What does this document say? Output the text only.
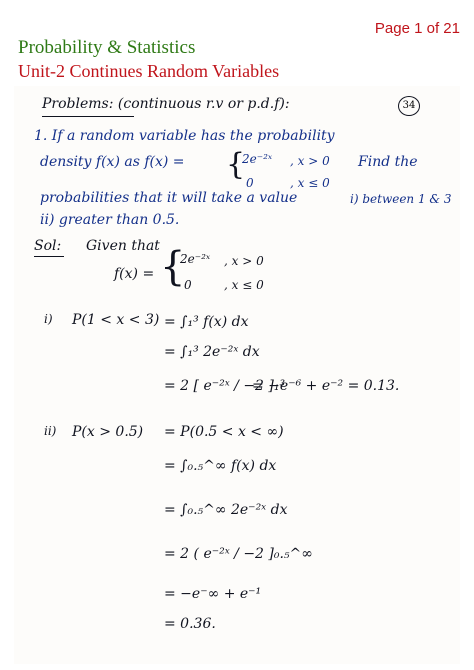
Page 1 of 21
Probability & Statistics
Unit-2 Continues Random Variables
34
Problems: (continuous r.v or p.d.f):
1. If a random variable has the probability
density f(x) as f(x) = {
2e⁻²ˣ , x > 0 Find the
0	, x ≤ 0
probabilities that it will take a value	i) between 1 & 3
ii) greater than 0.5.
Sol: Given that
f(x) = {
2e⁻²ˣ , x > 0
0	, x ≤ 0
i) P(1 < x < 3) = ∫₁³ f(x) dx
= ∫₁³ 2e⁻²ˣ dx
= 2 [ e⁻²ˣ / −2 ]₁³
= −e⁻⁶ + e⁻² = 0.13.
ii) P(x > 0.5) = P(0.5 < x < ∞)
= ∫₀.₅^∞ f(x) dx
= ∫₀.₅^∞ 2e⁻²ˣ dx
= 2 ( e⁻²ˣ / −2 ]₀.₅^∞
= −e⁻∞ + e⁻¹
= 0.36.
